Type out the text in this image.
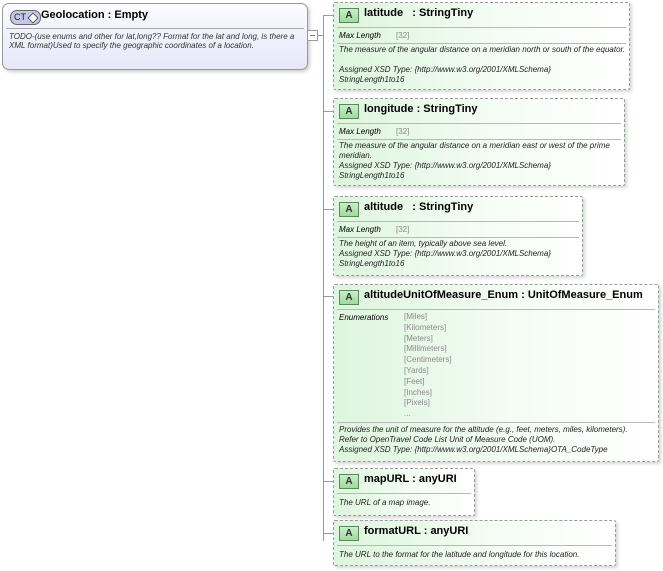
CT	Geolocation : Empty
TODO-(use enums and other for lat,long?? Format for the lat and long, is there a XML format)Used to specify the geographic coordinates of a location.
A	latitude : StringTiny
Max Length [32]
The measure of the angular distance on a meridian north or south of the equator.
Assigned XSD Type: {http://www.w3.org/2001/XMLSchema} StringLength1to16
A	longitude : StringTiny
Max Length [32]
The measure of the angular distance on a meridian east or west of the prime meridian.
Assigned XSD Type: {http://www.w3.org/2001/XMLSchema} StringLength1to16
A	altitude : StringTiny
Max Length [32]
The height of an item, typically above sea level.
Assigned XSD Type: {http://www.w3.org/2001/XMLSchema} StringLength1to16
A	altitudeUnitOfMeasure_Enum : UnitOfMeasure_Enum
Enumerations [Miles]
[Kilometers]
[Meters]
[Millimeters]
[Centimeters]
[Yards]
[Feet]
[Inches]
[Pixels]
...
Provides the unit of measure for the altitude (e.g., feet, meters, miles, kilometers). Refer to OpenTravel Code List Unit of Measure Code (UOM).
Assigned XSD Type: {http://www.w3.org/2001/XMLSchema}OTA_CodeType
A	mapURL : anyURI
The URL of a map image.
A	formatURL : anyURI
The URL to the format for the latitude and longitude for this location.
